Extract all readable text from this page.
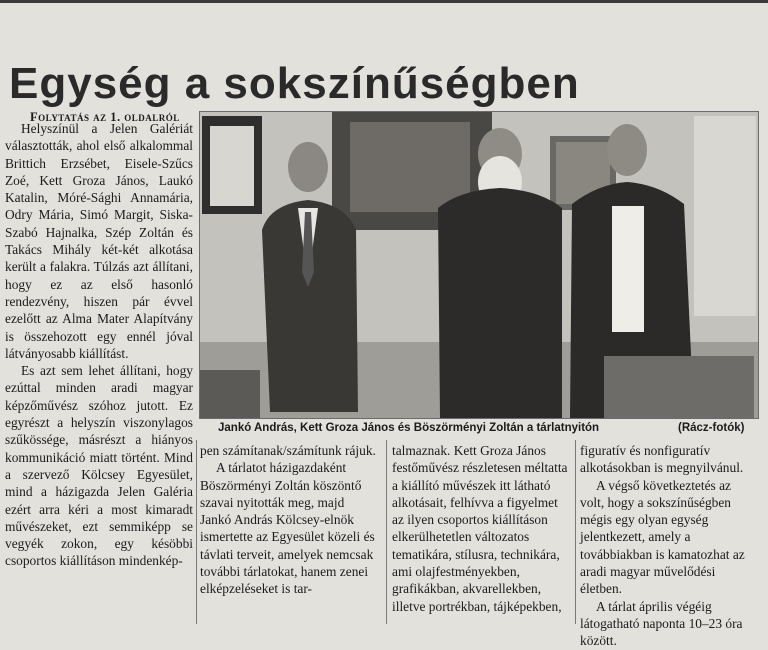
Egység a sokszínűségben
Folytatás az 1. oldalról

Helyszínül a Jelen Galériát választották, ahol első alkalommal Brittich Erzsébet, Eisele-Szűcs Zoé, Kett Groza János, Laukó Katalin, Móré-Sághi Annamária, Odry Mária, Simó Margit, Siska-Szabó Hajnalka, Szép Zoltán és Takács Mihály két-két alkotása került a falakra. Túlzás azt állítani, hogy ez az első hasonló rendezvény, hiszen pár évvel ezelőtt az Alma Mater Alapítvány is összehozott egy ennél jóval látványosabb kiállítást.

Es azt sem lehet állítani, hogy ezúttal minden aradi magyar képzőművész szóhoz jutott. Ez egyrészt a helyszín viszonylagos szűkössége, másrészt a hiányos kommunikáció miatt történt. Mind a szervező Kölcsey Egyesület, mind a házigazda Jelen Galéria ezért arra kéri a most kimaradt művészeket, ezt semmiképp se vegyék zokon, egy késöbbi csoportos kiállításon mindenkép-

Jankó András, Kett Groza János és Böszörményi Zoltán a tárlatnyitón	(Rácz-fotók)

pen számítanak/számítunk rájuk.

A tárlatot házigazdaként Böszörményi Zoltán köszöntő szavai nyitották meg, majd Jankó András Kölcsey-elnök ismertette az Egyesület közeli és távlati terveit, amelyek nemcsak további tárlatokat, hanem zenei elképzeléseket is tar-

talmaznak. Kett Groza János festőművész részletesen méltatta a kiállító művészek itt látható alkotásait, felhívva a figyelmet az ilyen csoportos kiállításon elkerülhetetlen változatos tematikára, stílusra, technikára, ami olajfestményekben, grafikákban, akvarellekben, illetve portrékban, tájképekben,

figuratív és nonfiguratív alkotásokban is megnyilvánul.

A végső következtetés az volt, hogy a sokszínűségben mégis egy olyan egység jelentkezett, amely a továbbiakban is kamatozhat az aradi magyar művelődési életben.

A tárlat április végéig látogatható naponta 10–23 óra között.
